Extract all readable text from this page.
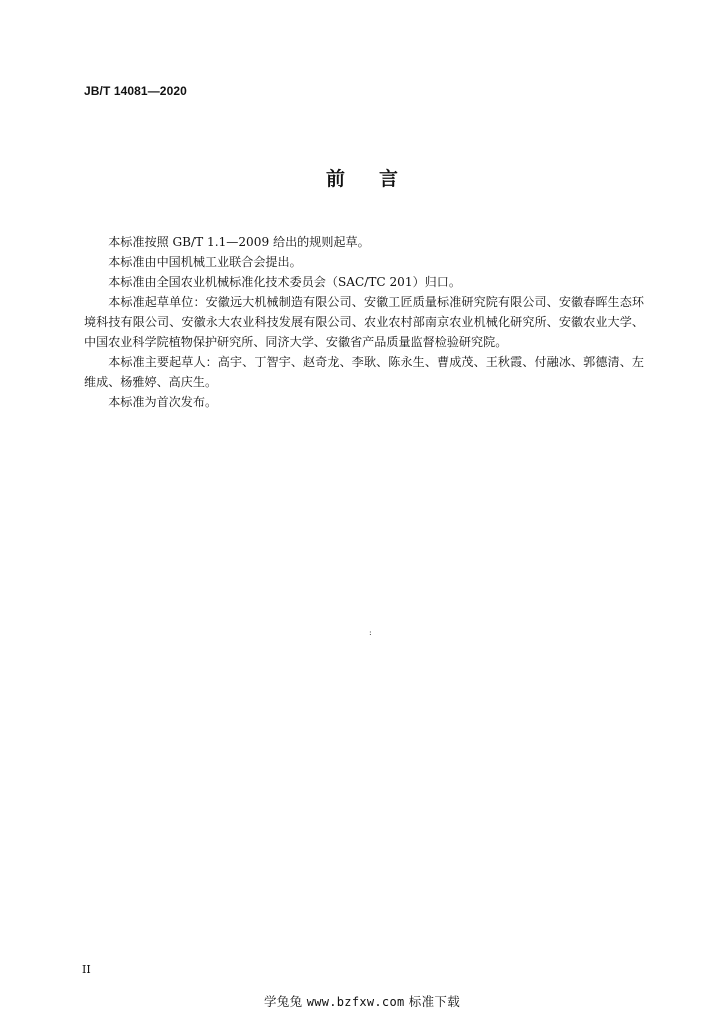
JB/T 14081—2020
前言

本标准按照 GB/T 1.1—2009 给出的规则起草。

本标准由中国机械工业联合会提出。

本标准由全国农业机械标准化技术委员会（SAC/TC 201）归口。

本标准起草单位：安徽远大机械制造有限公司、安徽工匠质量标准研究院有限公司、安徽春晖生态环境科技有限公司、安徽永大农业科技发展有限公司、农业农村部南京农业机械化研究所、安徽农业大学、中国农业科学院植物保护研究所、同济大学、安徽省产品质量监督检验研究院。

本标准主要起草人：高宇、丁智宇、赵奇龙、李耿、陈永生、曹成茂、王秋霞、付融冰、郭德清、左维成、杨雅婷、高庆生。

本标准为首次发布。

:
II
学兔兔 www.bzfxw.com 标准下载
